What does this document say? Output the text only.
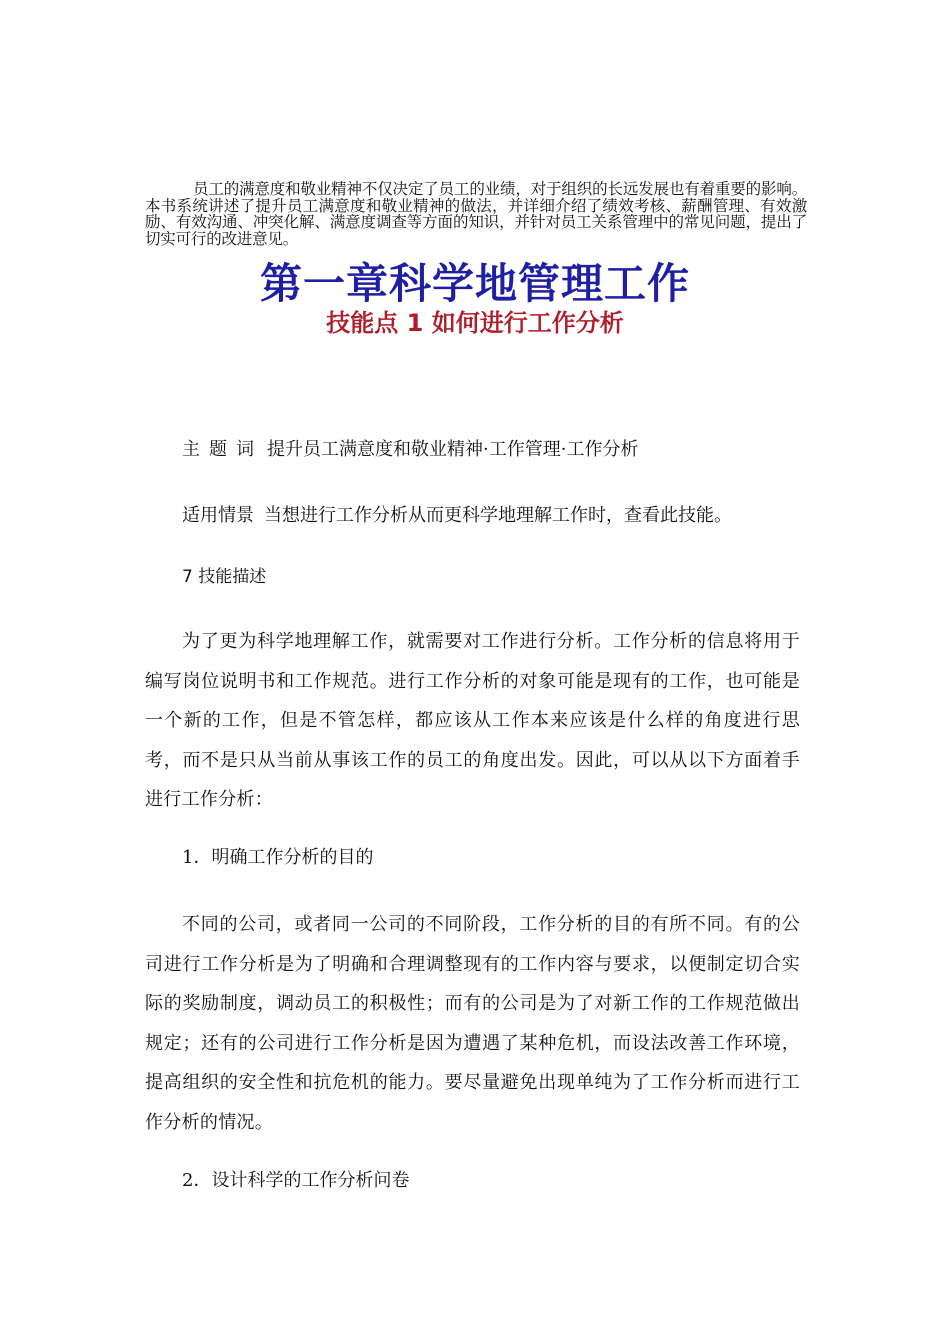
员工的满意度和敬业精神不仅决定了员工的业绩，对于组织的长远发展也有着重要的影响。本书系统讲述了提升员工满意度和敬业精神的做法，并详细介绍了绩效考核、薪酬管理、有效激励、有效沟通、冲突化解、满意度调查等方面的知识，并针对员工关系管理中的常见问题，提出了切实可行的改进意见。

第一章科学地管理工作
技能点 1 如何进行工作分析

主题词 提升员工满意度和敬业精神·工作管理·工作分析

适用情景 当想进行工作分析从而更科学地理解工作时，查看此技能。

7 技能描述

为了更为科学地理解工作，就需要对工作进行分析。工作分析的信息将用于编写岗位说明书和工作规范。进行工作分析的对象可能是现有的工作，也可能是一个新的工作，但是不管怎样，都应该从工作本来应该是什么样的角度进行思考，而不是只从当前从事该工作的员工的角度出发。因此，可以从以下方面着手进行工作分析：

1．明确工作分析的目的

不同的公司，或者同一公司的不同阶段，工作分析的目的有所不同。有的公司进行工作分析是为了明确和合理调整现有的工作内容与要求，以便制定切合实际的奖励制度，调动员工的积极性；而有的公司是为了对新工作的工作规范做出规定；还有的公司进行工作分析是因为遭遇了某种危机，而设法改善工作环境，提高组织的安全性和抗危机的能力。要尽量避免出现单纯为了工作分析而进行工作分析的情况。

2．设计科学的工作分析问卷
